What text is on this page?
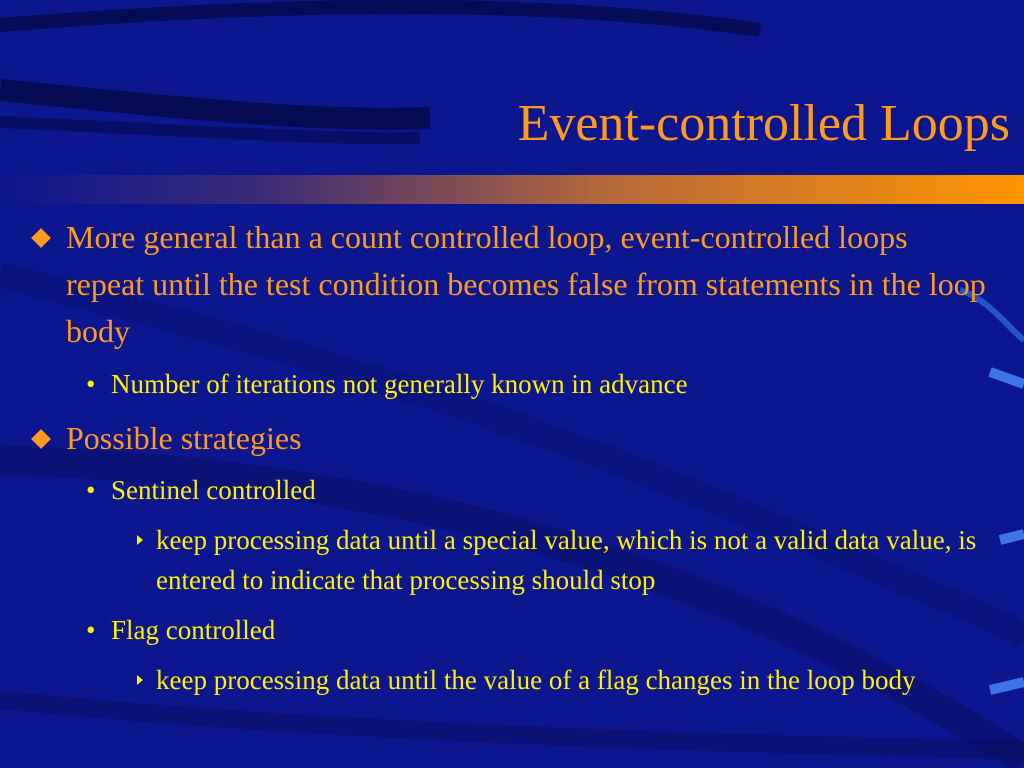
Event-controlled Loops
More general than a count controlled loop, event-controlled loops repeat until the test condition becomes false from statements in the loop body
• Number of iterations not generally known in advance
Possible strategies
• Sentinel controlled
keep processing data until a special value, which is not a valid data value, is entered to indicate that processing should stop
• Flag controlled
keep processing data until the value of a flag changes in the loop body
